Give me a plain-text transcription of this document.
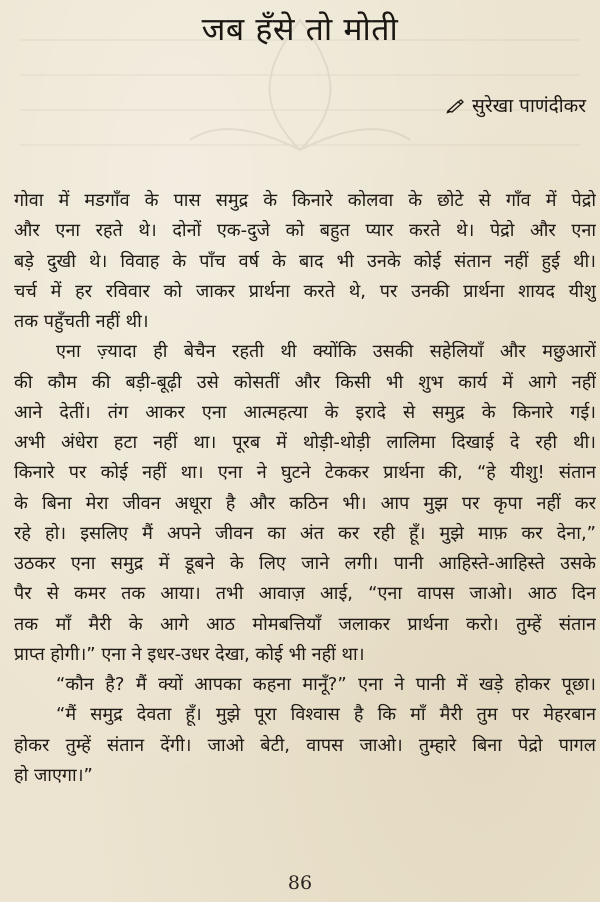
जब हँसे तो मोती
सुरेखा पाणंदीकर
गोवा में मडगाँव के पास समुद्र के किनारे कोलवा के छोटे से गाँव में पेद्रो
और एना रहते थे। दोनों एक-दुजे को बहुत प्यार करते थे। पेद्रो और एना
बड़े दुखी थे। विवाह के पाँच वर्ष के बाद भी उनके कोई संतान नहीं हुई थी।
चर्च में हर रविवार को जाकर प्रार्थना करते थे, पर उनकी प्रार्थना शायद यीशु
तक पहुँचती नहीं थी।
एना ज़्यादा ही बेचैन रहती थी क्योंकि उसकी सहेलियाँ और मछुआरों
की कौम की बड़ी-बूढ़ी उसे कोसतीं और किसी भी शुभ कार्य में आगे नहीं
आने देतीं। तंग आकर एना आत्महत्या के इरादे से समुद्र के किनारे गई।
अभी अंधेरा हटा नहीं था। पूरब में थोड़ी-थोड़ी लालिमा दिखाई दे रही थी।
किनारे पर कोई नहीं था। एना ने घुटने टेककर प्रार्थना की, “हे यीशु! संतान
के बिना मेरा जीवन अधूरा है और कठिन भी। आप मुझ पर कृपा नहीं कर
रहे हो। इसलिए मैं अपने जीवन का अंत कर रही हूँ। मुझे माफ़ कर देना,”
उठकर एना समुद्र में डूबने के लिए जाने लगी। पानी आहिस्ते-आहिस्ते उसके
पैर से कमर तक आया। तभी आवाज़ आई, “एना वापस जाओ। आठ दिन
तक माँ मैरी के आगे आठ मोमबत्तियाँ जलाकर प्रार्थना करो। तुम्हें संतान
प्राप्त होगी।” एना ने इधर-उधर देखा, कोई भी नहीं था।
“कौन है? मैं क्यों आपका कहना मानूँ?” एना ने पानी में खड़े होकर पूछा।
“मैं समुद्र देवता हूँ। मुझे पूरा विश्वास है कि माँ मैरी तुम पर मेहरबान
होकर तुम्हें संतान देंगी। जाओ बेटी, वापस जाओ। तुम्हारे बिना पेद्रो पागल
हो जाएगा।”
86
